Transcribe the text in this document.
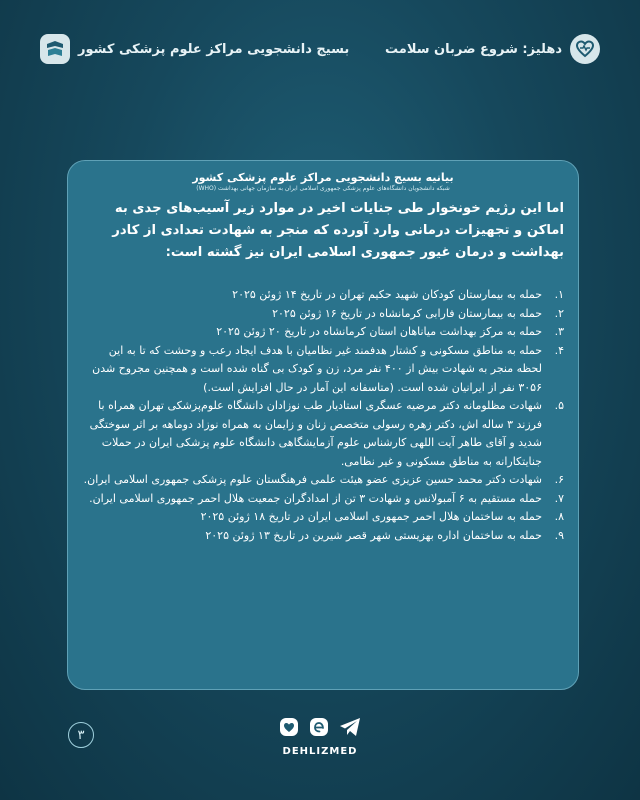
بسیج دانشجویی مراکز علوم پزشکی کشور	دهلیز: شروع ضربان سلامت
بیانیه بسیج دانشجویی مراکز علوم پزشکی کشور
شبکه دانشجویان دانشگاه‌های علوم پزشکی جمهوری اسلامی ایران به سازمان جهانی بهداشت (WHO)
اما این رژیم خونخوار طی جنایات اخیر در موارد زیر آسیب‌های جدی به اماکن و تجهیزات درمانی وارد آورده که منجر به شهادت تعدادی از کادر بهداشت و درمان غیور جمهوری اسلامی ایران نیز گشته است:
۱.
حمله به بیمارستان کودکان شهید حکیم تهران در تاریخ ۱۴ ژوئن ۲۰۲۵
۲.
حمله به بیمارستان فارابی کرمانشاه در تاریخ ۱۶ ژوئن ۲۰۲۵
۳.
حمله به مرکز بهداشت میاناهان استان کرمانشاه در تاریخ ۲۰ ژوئن ۲۰۲۵
۴.
حمله به مناطق مسکونی و کشتار هدفمند غیر نظامیان با هدف ایجاد رعب و وحشت که تا به این لحظه منجر به شهادت بیش از ۴۰۰ نفر مرد، زن و کودک بی گناه شده است و همچنین مجروح شدن ۳۰۵۶ نفر از ایرانیان شده است. (متاسفانه این آمار در حال افزایش است.)
۵.
شهادت مظلومانه دکتر مرضیه عسگری استادیار طب نوزادان دانشگاه علوم‌پزشکی تهران همراه با فرزند ۳ ساله اش، دکتر زهره رسولی متخصص زنان و زایمان به همراه نوزاد دوماهه بر اثر سوختگی شدید و آقای طاهر آیت اللهی کارشناس علوم آزمایشگاهی دانشگاه علوم پزشکی ایران در حملات جنایتکارانه به مناطق مسکونی و غیر نظامی.
۶.
شهادت دکتر محمد حسین عزیزی عضو هیئت علمی فرهنگستان علوم پزشکی جمهوری اسلامی ایران.
۷.
حمله مستقیم به ۶ آمبولانس و شهادت ۳ تن از امدادگران جمعیت هلال احمر جمهوری اسلامی ایران.
۸.
حمله به ساختمان هلال احمر جمهوری اسلامی ایران در تاریخ ۱۸ ژوئن ۲۰۲۵
۹.
حمله به ساختمان اداره بهزیستی شهر قصر شیرین در تاریخ ۱۳ ژوئن ۲۰۲۵
۳
DEHLIZMED
